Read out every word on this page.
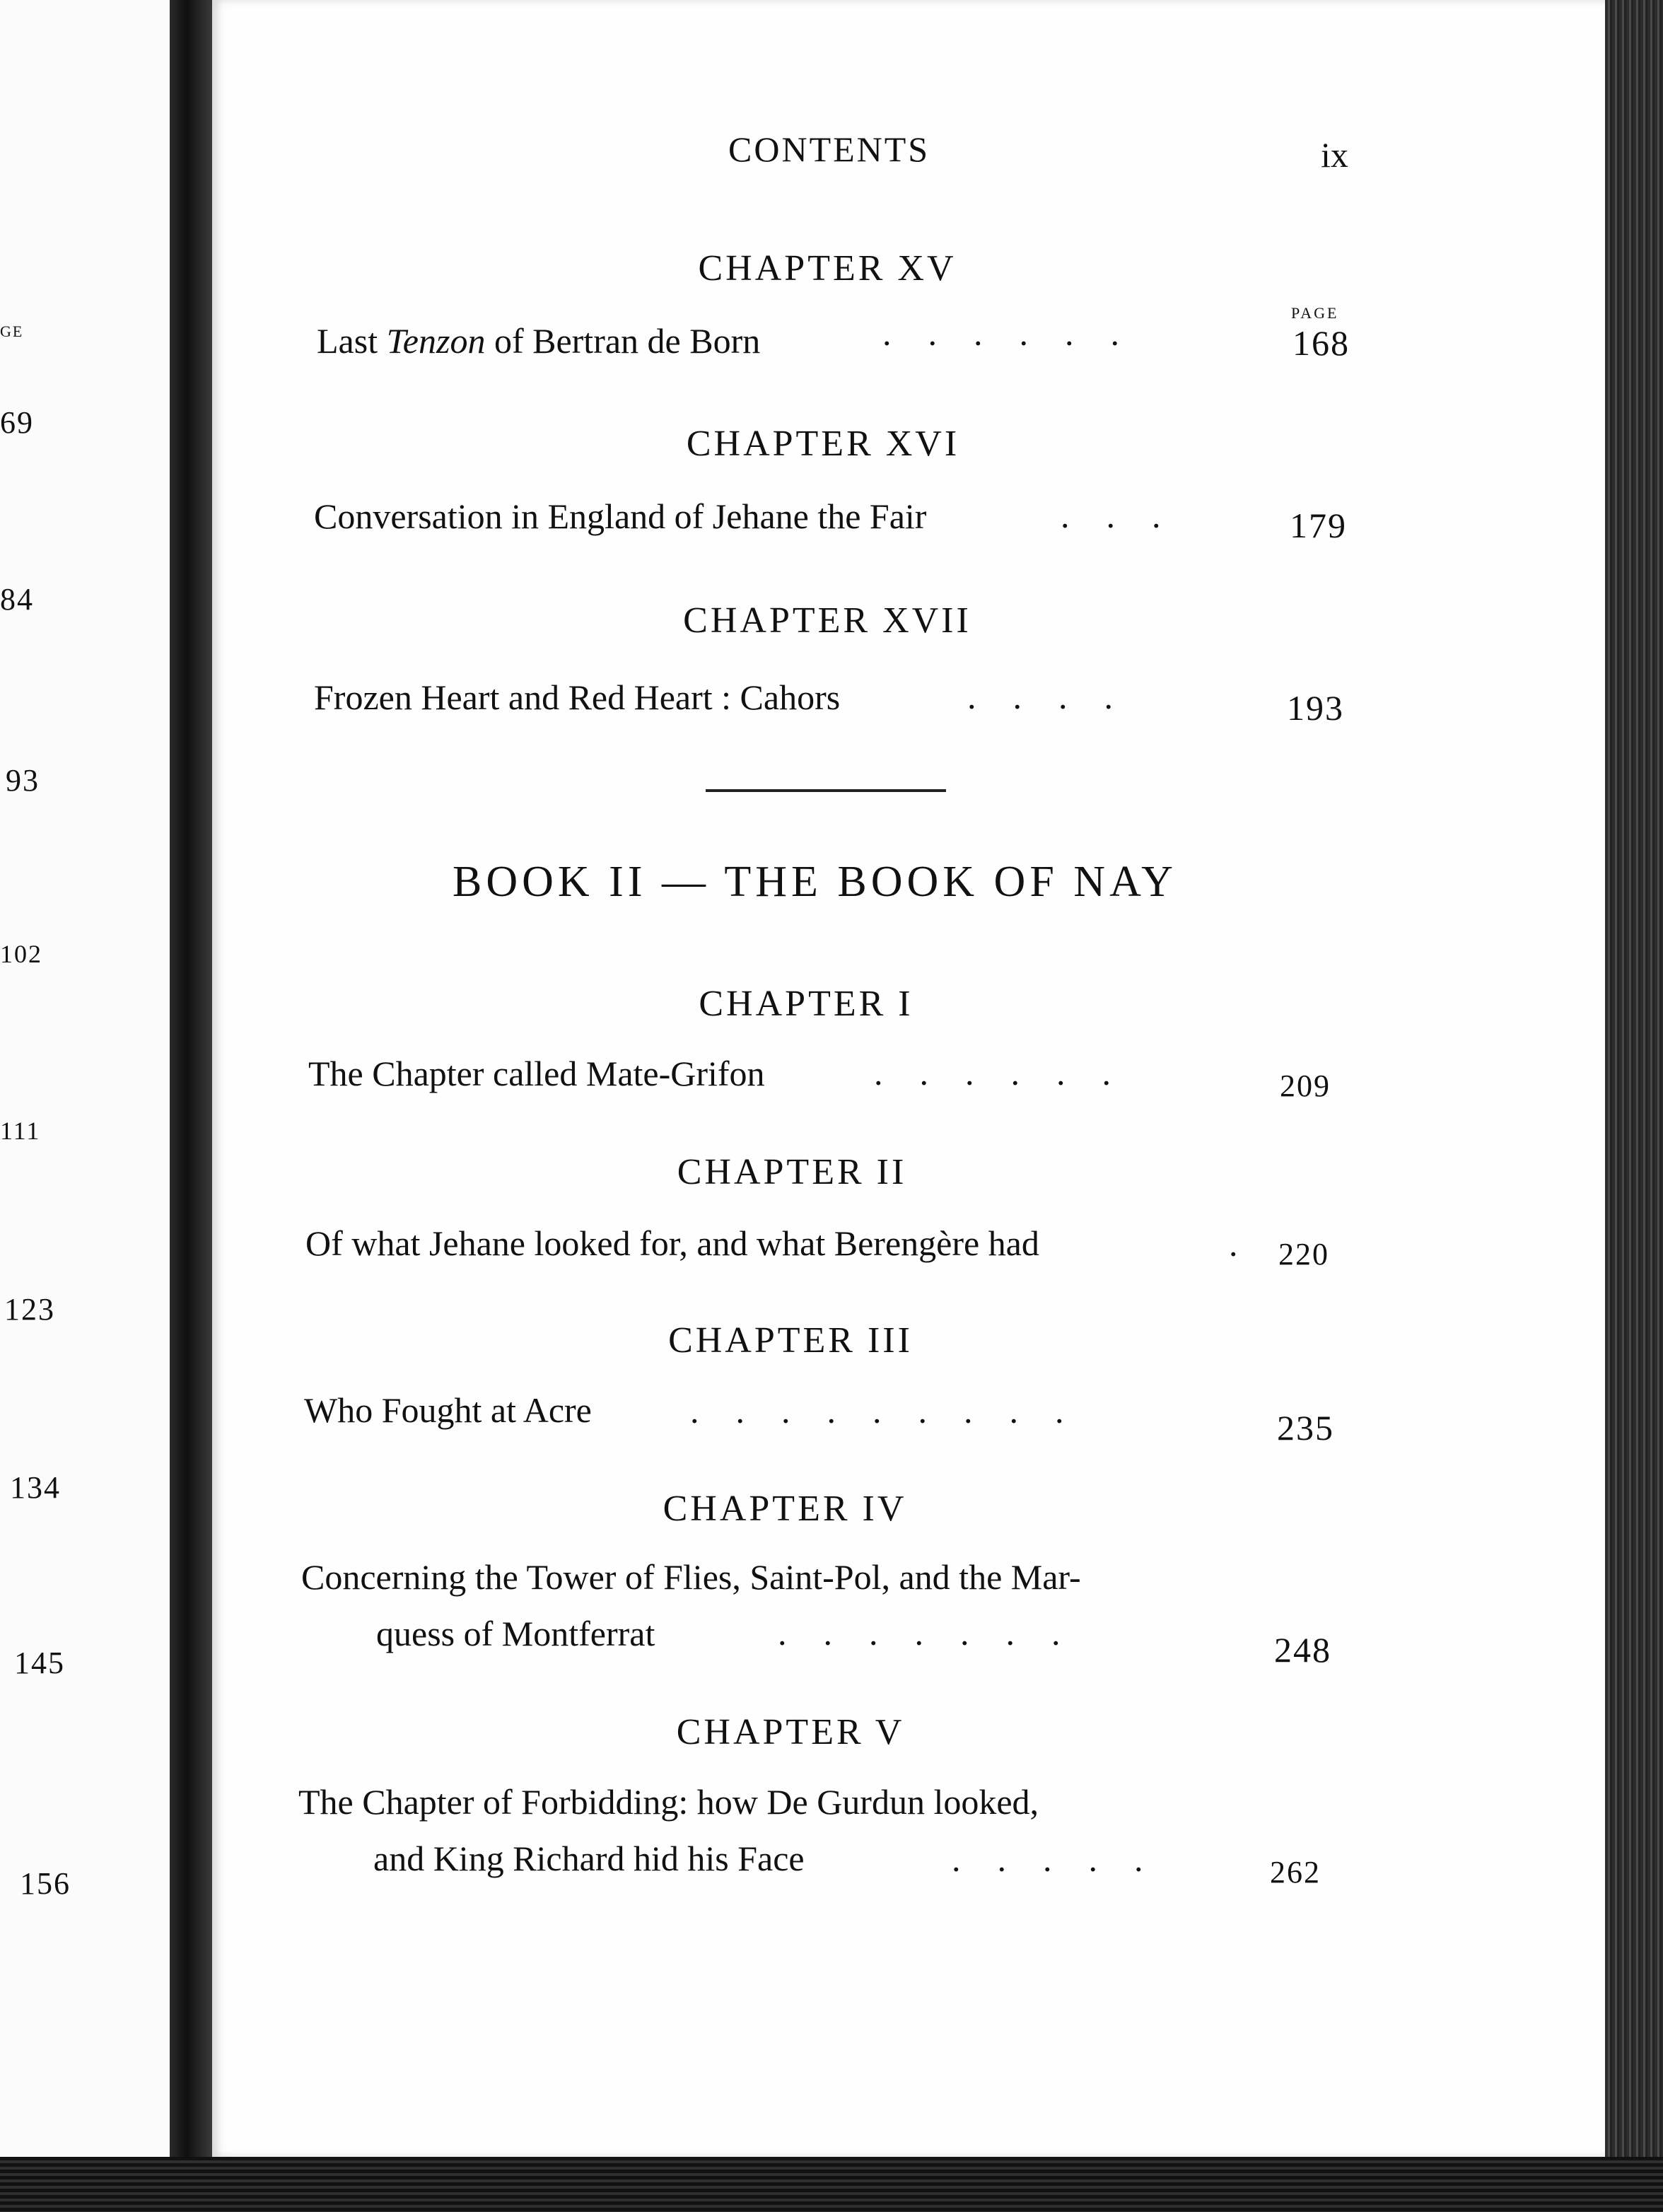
GE
69
84
93
102
111
123
134
145
156
CONTENTS	ix
PAGE
CHAPTER XV
Last Tenzon of Bertran de Born	......	168
CHAPTER XVI
Conversation in England of Jehane the Fair	...	179
CHAPTER XVII
Frozen Heart and Red Heart : Cahors	....	193
BOOK II — THE BOOK OF NAY
CHAPTER I
The Chapter called Mate-Grifon	......	209
CHAPTER II
Of what Jehane looked for, and what Berengère had	. 220
CHAPTER III
Who Fought at Acre	.........	235
CHAPTER IV
Concerning the Tower of Flies, Saint-Pol, and the Mar-
quess of Montferrat	.......	248
CHAPTER V
The Chapter of Forbidding: how De Gurdun looked,
and King Richard hid his Face	.....	262
